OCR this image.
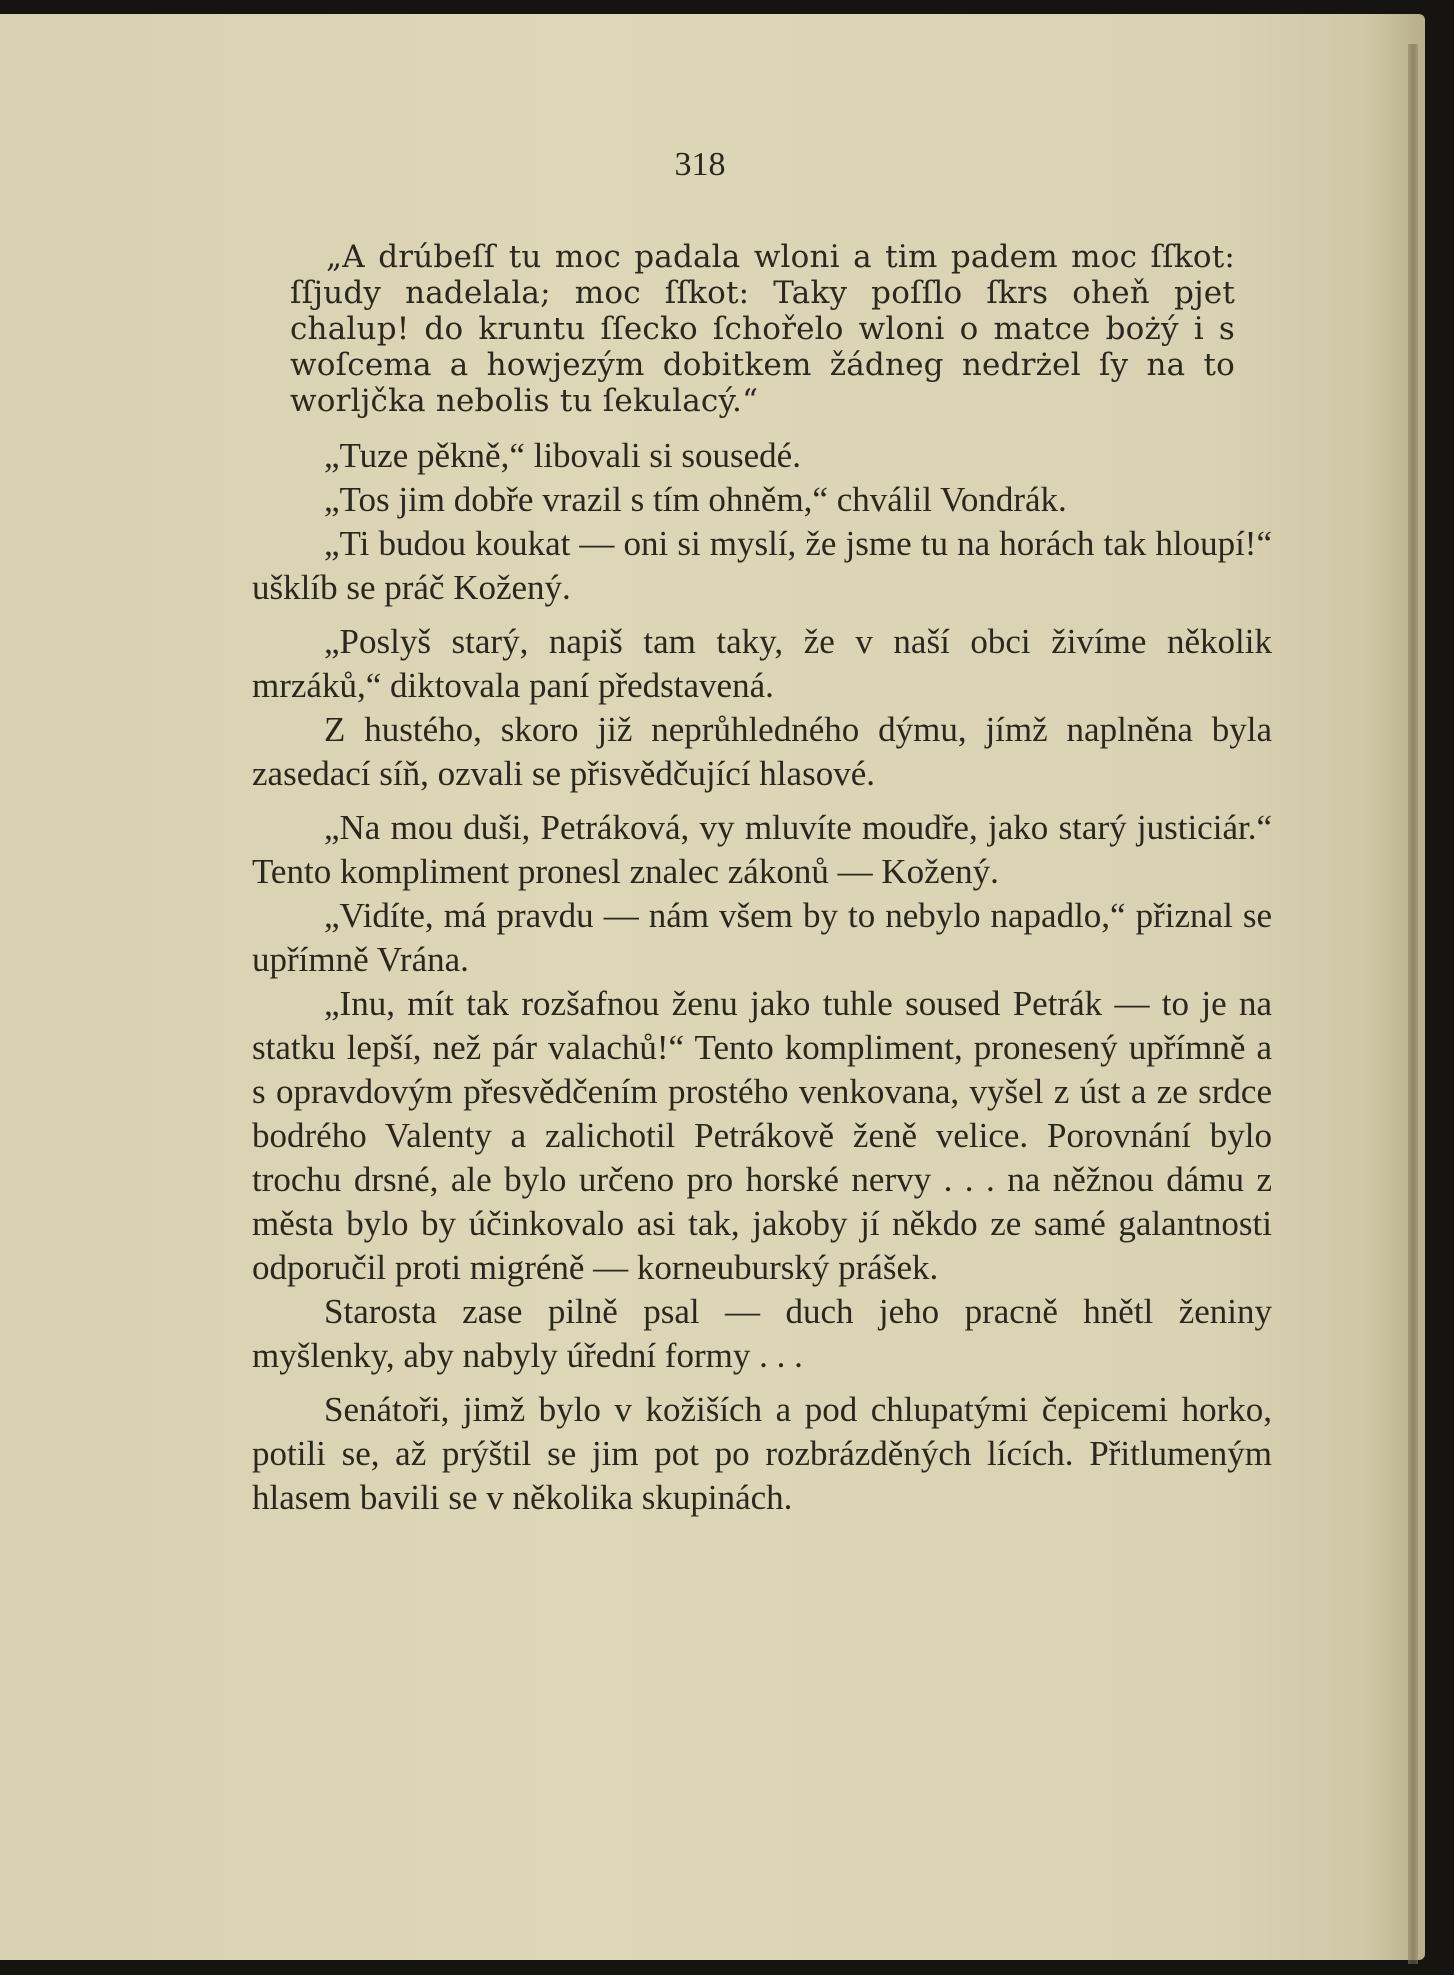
318

„A drúbeſſ tu moc padala wloni a tim padem moc ſſkot: ſſjudy nadelala; moc ſſkot: Taky poſſlo ſkrs oheň pjet chalup! do kruntu ſſecko ſchořelo wloni o matce bożý i s woſcema a howjezým dobitkem žádneg nedrżel ſy na to worljčka nebolis tu ſekulacý.“

„Tuze pěkně,“ libovali si sousedé.

„Tos jim dobře vrazil s tím ohněm,“ chválil Vondrák.

„Ti budou koukat — oni si myslí, že jsme tu na horách tak hloupí!“ ušklíb se práč Kožený.

„Poslyš starý, napiš tam taky, že v naší obci živíme několik mrzáků,“ diktovala paní představená.

Z hustého, skoro již neprůhledného dýmu, jímž naplněna byla zasedací síň, ozvali se přisvědčující hlasové.

„Na mou duši, Petráková, vy mluvíte moudře, jako starý justiciár.“ Tento kompliment pronesl znalec zákonů — Kožený.

„Vidíte, má pravdu — nám všem by to nebylo napadlo,“ přiznal se upřímně Vrána.

„Inu, mít tak rozšafnou ženu jako tuhle soused Petrák — to je na statku lepší, než pár valachů!“ Tento kompliment, pronesený upřímně a s opravdovým přesvědčením prostého venkovana, vyšel z úst a ze srdce bodrého Valenty a zalichotil Petrákově ženě velice. Porovnání bylo trochu drsné, ale bylo určeno pro horské nervy . . . na něžnou dámu z města bylo by účinkovalo asi tak, jakoby jí někdo ze samé galantnosti odporučil proti migréně — korneuburský prášek.

Starosta zase pilně psal — duch jeho pracně hnětl ženiny myšlenky, aby nabyly úřední formy . . .

Senátoři, jimž bylo v kožiších a pod chlupatými čepicemi horko, potili se, až prýštil se jim pot po rozbrázděných lících. Přitlumeným hlasem bavili se v několika skupinách.
